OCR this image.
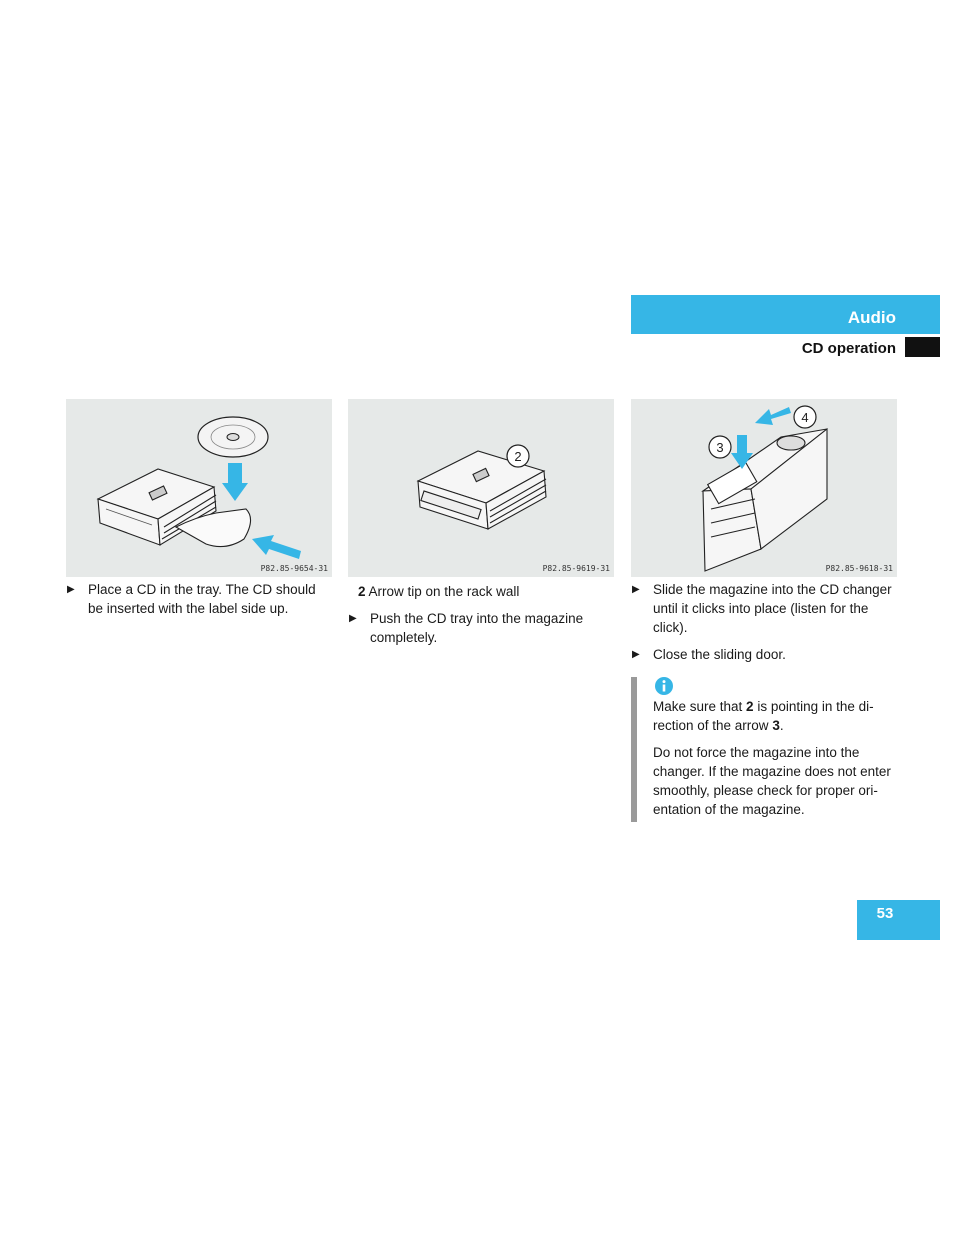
Audio
CD operation
P82.85-9654-31
2
P82.85-9619-31
3
4
P82.85-9618-31
▶ Place a CD in the tray. The CD should be inserted with the label side up.

2 Arrow tip on the rack wall

▶ Push the CD tray into the magazine completely.
▶ Slide the magazine into the CD changer until it clicks into place (listen for the click).
▶ Close the sliding door.

Make sure that 2 is pointing in the direction of the arrow 3.

Do not force the magazine into the changer. If the magazine does not enter smoothly, please check for proper orientation of the magazine.

53
